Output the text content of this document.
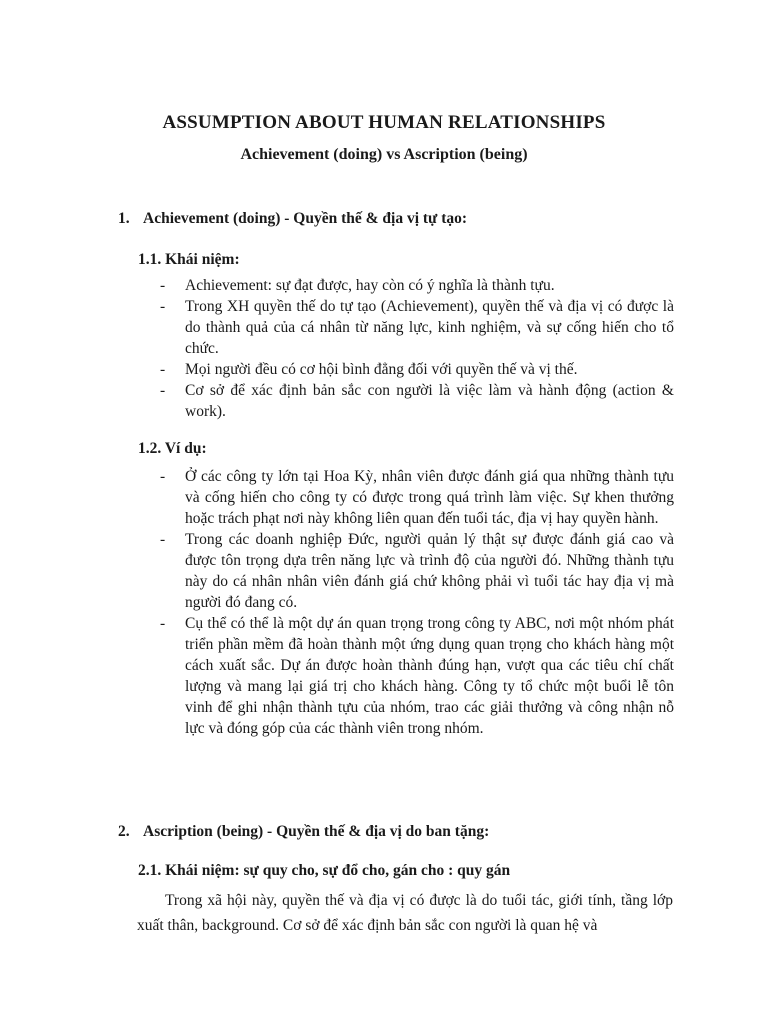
ASSUMPTION ABOUT HUMAN RELATIONSHIPS
Achievement (doing) vs Ascription (being)
1. Achievement (doing) - Quyền thế & địa vị tự tạo:
1.1. Khái niệm:
- Achievement: sự đạt được, hay còn có ý nghĩa là thành tựu.
- Trong XH quyền thế do tự tạo (Achievement), quyền thế và địa vị có được là do thành quả của cá nhân từ năng lực, kinh nghiệm, và sự cống hiến cho tổ chức.
- Mọi người đều có cơ hội bình đẳng đối với quyền thế và vị thế.
- Cơ sở để xác định bản sắc con người là việc làm và hành động (action & work).
1.2. Ví dụ:
- Ở các công ty lớn tại Hoa Kỳ, nhân viên được đánh giá qua những thành tựu và cống hiến cho công ty có được trong quá trình làm việc. Sự khen thưởng hoặc trách phạt nơi này không liên quan đến tuổi tác, địa vị hay quyền hành.
- Trong các doanh nghiệp Đức, người quản lý thật sự được đánh giá cao và được tôn trọng dựa trên năng lực và trình độ của người đó. Những thành tựu này do cá nhân nhân viên đánh giá chứ không phải vì tuổi tác hay địa vị mà người đó đang có.
- Cụ thể có thể là một dự án quan trọng trong công ty ABC, nơi một nhóm phát triển phần mềm đã hoàn thành một ứng dụng quan trọng cho khách hàng một cách xuất sắc. Dự án được hoàn thành đúng hạn, vượt qua các tiêu chí chất lượng và mang lại giá trị cho khách hàng. Công ty tổ chức một buổi lễ tôn vinh để ghi nhận thành tựu của nhóm, trao các giải thưởng và công nhận nỗ lực và đóng góp của các thành viên trong nhóm.
2. Ascription (being) - Quyền thế & địa vị do ban tặng:
2.1. Khái niệm: sự quy cho, sự đổ cho, gán cho : quy gán
Trong xã hội này, quyền thế và địa vị có được là do tuổi tác, giới tính, tầng lớp xuất thân, background. Cơ sở để xác định bản sắc con người là quan hệ và
